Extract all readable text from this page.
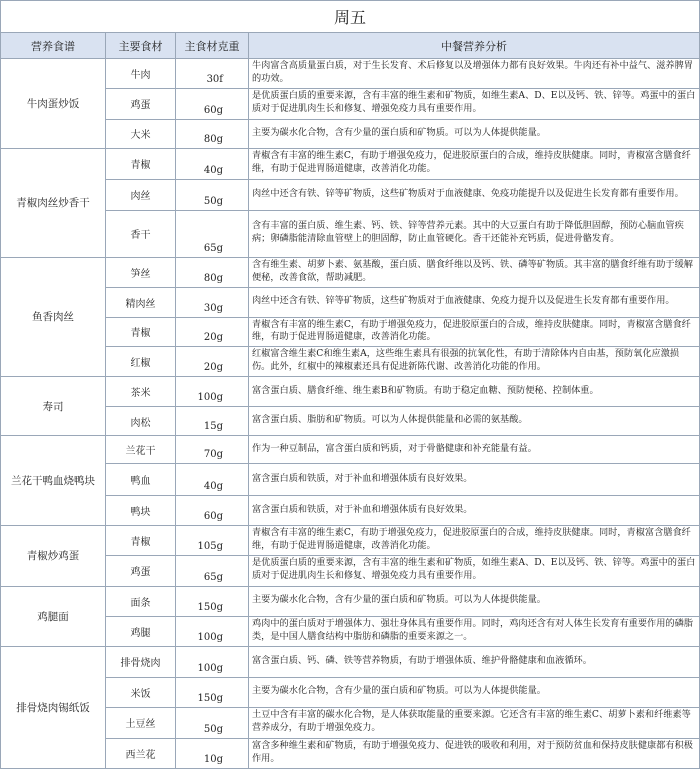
周五			
营养食谱	主要食材	主食材克重	中餐营养分析
牛肉蛋炒饭	牛肉	30f	牛肉富含高质量蛋白质，对于生长发育、术后修复以及增强体力都有良好效果。牛肉还有补中益气、滋养脾胃的功效。
	鸡蛋	60g	是优质蛋白质的重要来源，含有丰富的维生素和矿物质，如维生素A、D、E以及钙、铁、锌等。鸡蛋中的蛋白质对于促进肌肉生长和修复、增强免疫力具有重要作用。
	大米	80g	主要为碳水化合物，含有少量的蛋白质和矿物质。可以为人体提供能量。
青椒肉丝炒香干	青椒	40g	青椒含有丰富的维生素C，有助于增强免疫力，促进胶原蛋白的合成，维持皮肤健康。同时，青椒富含膳食纤维，有助于促进胃肠道健康，改善消化功能。
	肉丝	50g	肉丝中还含有铁、锌等矿物质，这些矿物质对于血液健康、免疫功能提升以及促进生长发育都有重要作用。
	香干	65g	含有丰富的蛋白质、维生素、钙、铁、锌等营养元素。其中的大豆蛋白有助于降低胆固醇，预防心脑血管疾病；卵磷脂能清除血管壁上的胆固醇，防止血管硬化。香干还能补充钙质，促进骨骼发育。
鱼香肉丝	笋丝	80g	含有维生素、胡萝卜素、氨基酸，蛋白质、膳食纤维以及钙、铁、磷等矿物质。其丰富的膳食纤维有助于缓解便秘，改善食欲，帮助减肥。
	精肉丝	30g	肉丝中还含有铁、锌等矿物质，这些矿物质对于血液健康、免疫力提升以及促进生长发育都有重要作用。
	青椒	20g	青椒含有丰富的维生素C，有助于增强免疫力，促进胶原蛋白的合成，维持皮肤健康。同时，青椒富含膳食纤维，有助于促进胃肠道健康，改善消化功能。
	红椒	20g	红椒富含维生素C和维生素A，这些维生素具有很强的抗氧化性，有助于清除体内自由基，预防氧化应激损伤。此外，红椒中的辣椒素还具有促进新陈代谢、改善消化功能的作用。
寿司	茶米	100g	富含蛋白质、膳食纤维、维生素B和矿物质。有助于稳定血糖、预防便秘、控制体重。
	肉松	15g	富含蛋白质、脂肪和矿物质。可以为人体提供能量和必需的氨基酸。
兰花干鸭血烧鸭块	兰花干	70g	作为一种豆制品，富含蛋白质和钙质，对于骨骼健康和补充能量有益。
	鸭血	40g	富含蛋白质和铁质，对于补血和增强体质有良好效果。
	鸭块	60g	富含蛋白质和铁质，对于补血和增强体质有良好效果。
青椒炒鸡蛋	青椒	105g	青椒含有丰富的维生素C，有助于增强免疫力，促进胶原蛋白的合成，维持皮肤健康。同时，青椒富含膳食纤维，有助于促进胃肠道健康，改善消化功能。
	鸡蛋	65g	是优质蛋白质的重要来源，含有丰富的维生素和矿物质，如维生素A、D、E以及钙、铁、锌等。鸡蛋中的蛋白质对于促进肌肉生长和修复、增强免疫力具有重要作用。
鸡腿面	面条	150g	主要为碳水化合物，含有少量的蛋白质和矿物质。可以为人体提供能量。
	鸡腿	100g	鸡肉中的蛋白质对于增强体力、强壮身体具有重要作用。同时，鸡肉还含有对人体生长发育有重要作用的磷脂类，是中国人膳食结构中脂肪和磷脂的重要来源之一。
排骨烧肉锡纸饭	排骨烧肉	100g	富含蛋白质、钙、磷、铁等营养物质，有助于增强体质、维护骨骼健康和血液循环。
	米饭	150g	主要为碳水化合物，含有少量的蛋白质和矿物质。可以为人体提供能量。
	土豆丝	50g	土豆中含有丰富的碳水化合物，是人体获取能量的重要来源。它还含有丰富的维生素C、胡萝卜素和纤维素等营养成分，有助于增强免疫力。
	西兰花	10g	富含多种维生素和矿物质，有助于增强免疫力、促进铁的吸收和利用，对于预防贫血和保持皮肤健康都有积极作用。
